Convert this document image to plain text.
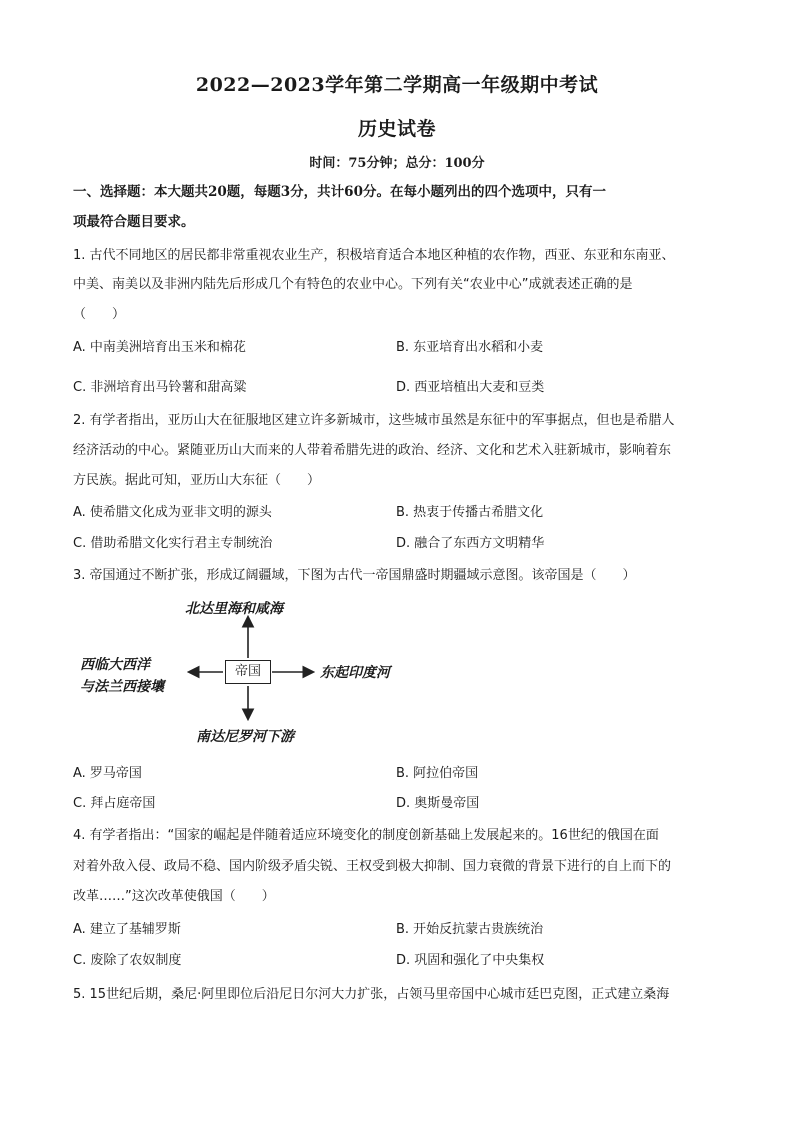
2022—2023学年第二学期高一年级期中考试
历史试卷
时间：75分钟；总分：100分
一、选择题：本大题共20题，每题3分，共计60分。在每小题列出的四个选项中，只有一
项最符合题目要求。
1. 古代不同地区的居民都非常重视农业生产，积极培育适合本地区种植的农作物，西亚、东亚和东南亚、
中美、南美以及非洲内陆先后形成几个有特色的农业中心。下列有关“农业中心”成就表述正确的是
（　　）
A. 中南美洲培育出玉米和棉花	B. 东亚培育出水稻和小麦
C. 非洲培育出马铃薯和甜高粱	D. 西亚培植出大麦和豆类
2. 有学者指出，亚历山大在征服地区建立许多新城市，这些城市虽然是东征中的军事据点，但也是希腊人
经济活动的中心。紧随亚历山大而来的人带着希腊先进的政治、经济、文化和艺术入驻新城市，影响着东
方民族。据此可知，亚历山大东征（　　）
A. 使希腊文化成为亚非文明的源头	B. 热衷于传播古希腊文化
C. 借助希腊文化实行君主专制统治	D. 融合了东西方文明精华
3. 帝国通过不断扩张，形成辽阔疆域，下图为古代一帝国鼎盛时期疆域示意图。该帝国是（　　）
北达里海和咸海
帝国	东起印度河
西临大西洋
与法兰西接壤
南达尼罗河下游
A. 罗马帝国	B. 阿拉伯帝国
C. 拜占庭帝国	D. 奥斯曼帝国
4. 有学者指出：“国家的崛起是伴随着适应环境变化的制度创新基础上发展起来的。16世纪的俄国在面
对着外敌入侵、政局不稳、国内阶级矛盾尖锐、王权受到极大抑制、国力衰微的背景下进行的自上而下的
改革……”这次改革使俄国（　　）
A. 建立了基辅罗斯	B. 开始反抗蒙古贵族统治
C. 废除了农奴制度	D. 巩固和强化了中央集权
5. 15世纪后期，桑尼·阿里即位后沿尼日尔河大力扩张，占领马里帝国中心城市廷巴克图，正式建立桑海
